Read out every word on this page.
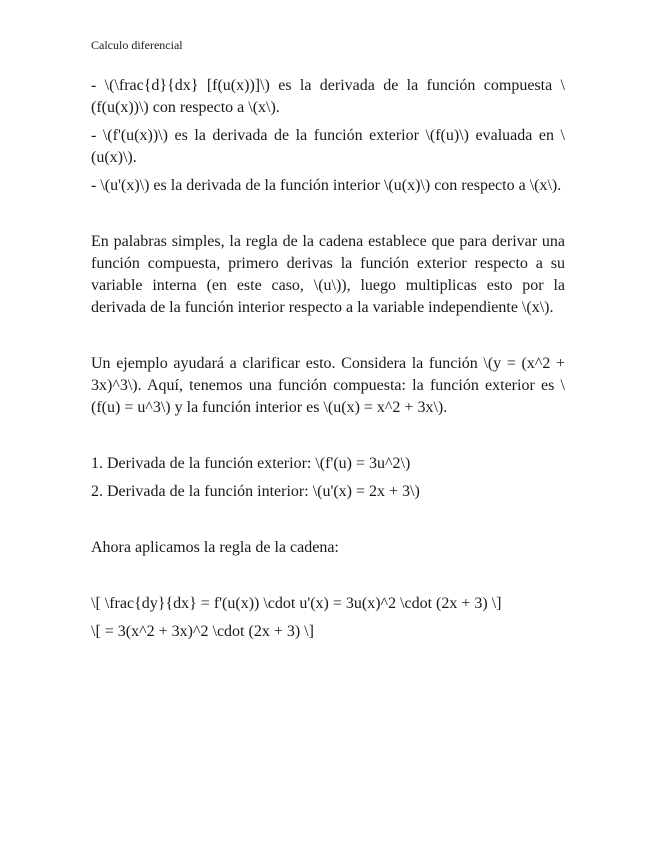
Calculo diferencial

- \(\frac{d}{dx} [f(u(x))]\) es la derivada de la función compuesta \(f(u(x))\) con respecto a \(x\).

- \(f'(u(x))\) es la derivada de la función exterior \(f(u)\) evaluada en \(u(x)\).

- \(u'(x)\) es la derivada de la función interior \(u(x)\) con respecto a \(x\).

En palabras simples, la regla de la cadena establece que para derivar una función compuesta, primero derivas la función exterior respecto a su variable interna (en este caso, \(u\)), luego multiplicas esto por la derivada de la función interior respecto a la variable independiente \(x\).

Un ejemplo ayudará a clarificar esto. Considera la función \(y = (x^2 + 3x)^3\). Aquí, tenemos una función compuesta: la función exterior es \(f(u) = u^3\) y la función interior es \(u(x) = x^2 + 3x\).

1. Derivada de la función exterior: \(f'(u) = 3u^2\)

2. Derivada de la función interior: \(u'(x) = 2x + 3\)

Ahora aplicamos la regla de la cadena:

\[ \frac{dy}{dx} = f'(u(x)) \cdot u'(x) = 3u(x)^2 \cdot (2x + 3) \]

\[ = 3(x^2 + 3x)^2 \cdot (2x + 3) \]
